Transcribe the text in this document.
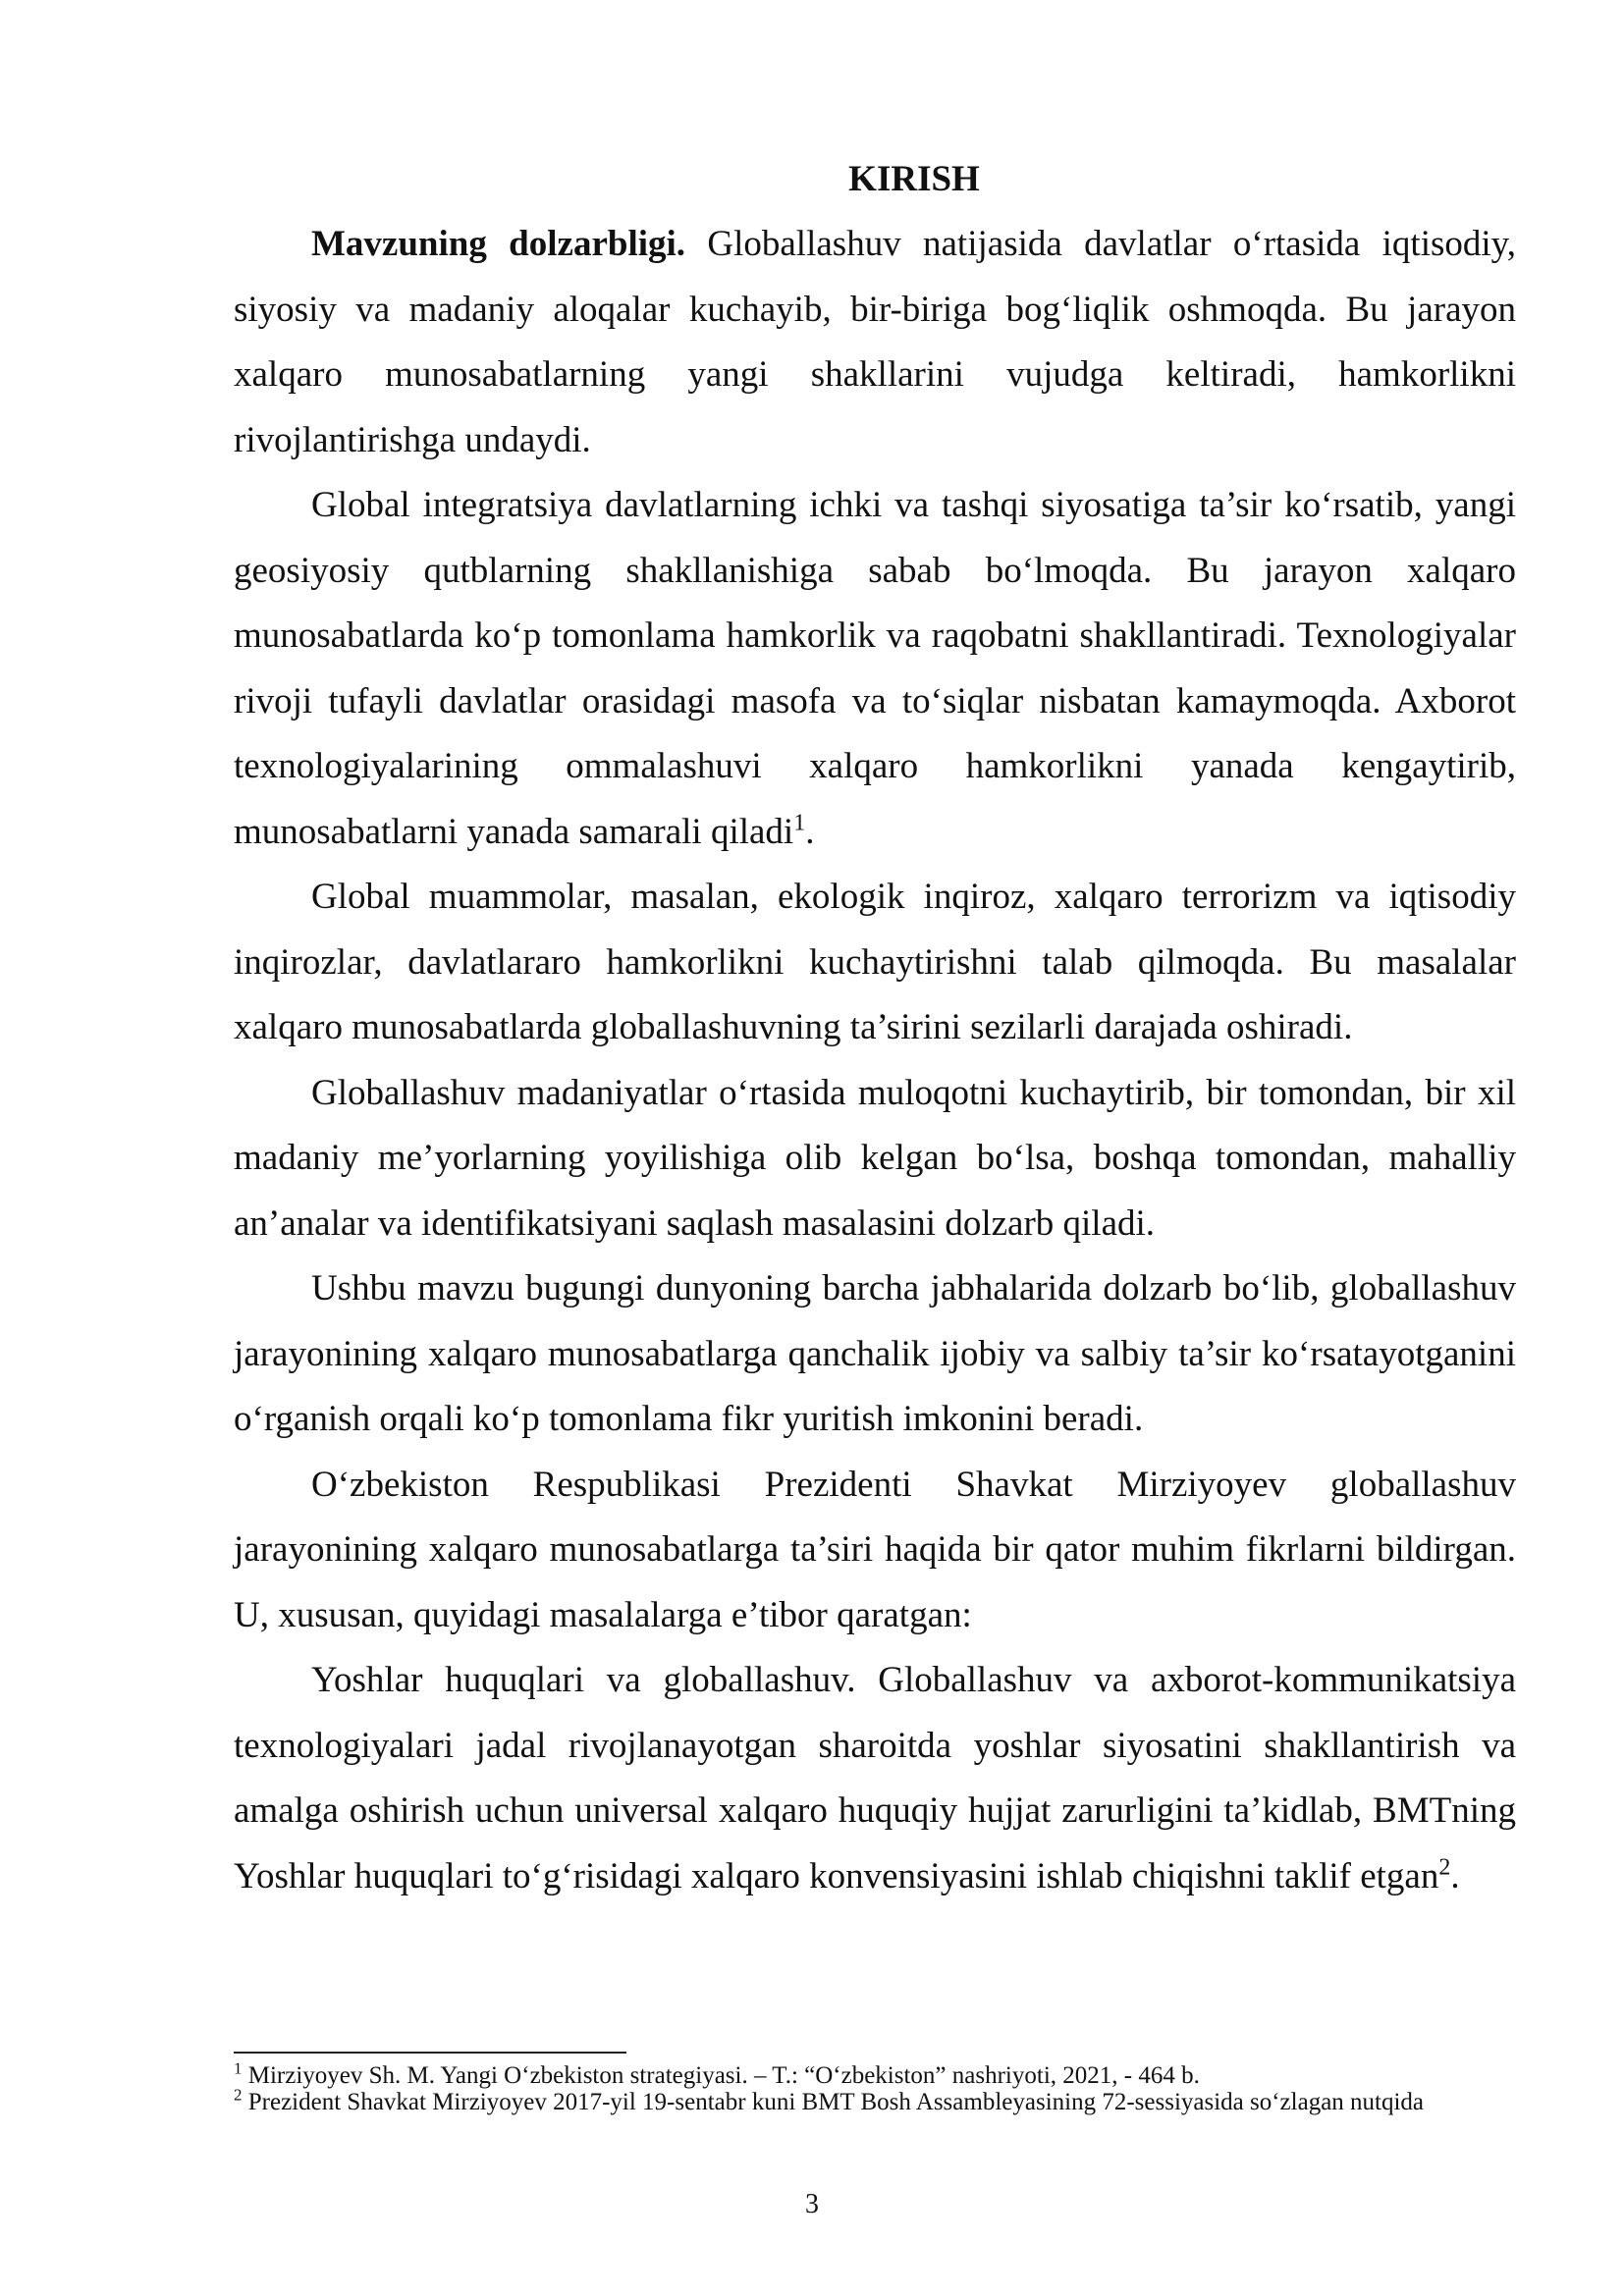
KIRISH

Mavzuning dolzarbligi. Globallashuv natijasida davlatlar o‘rtasida iqtisodiy, siyosiy va madaniy aloqalar kuchayib, bir-biriga bog‘liqlik oshmoqda. Bu jarayon xalqaro munosabatlarning yangi shakllarini vujudga keltiradi, hamkorlikni rivojlantirishga undaydi.

Global integratsiya davlatlarning ichki va tashqi siyosatiga ta’sir ko‘rsatib, yangi geosiyosiy qutblarning shakllanishiga sabab bo‘lmoqda. Bu jarayon xalqaro munosabatlarda ko‘p tomonlama hamkorlik va raqobatni shakllantiradi. Texnologiyalar rivoji tufayli davlatlar orasidagi masofa va to‘siqlar nisbatan kamaymoqda. Axborot texnologiyalarining ommalashuvi xalqaro hamkorlikni yanada kengaytirib, munosabatlarni yanada samarali qiladi$^1$.

Global muammolar, masalan, ekologik inqiroz, xalqaro terrorizm va iqtisodiy inqirozlar, davlatlararo hamkorlikni kuchaytirishni talab qilmoqda. Bu masalalar xalqaro munosabatlarda globallashuvning ta’sirini sezilarli darajada oshiradi.

Globallashuv madaniyatlar o‘rtasida muloqotni kuchaytirib, bir tomondan, bir xil madaniy me’yorlarning yoyilishiga olib kelgan bo‘lsa, boshqa tomondan, mahalliy an’analar va identifikatsiyani saqlash masalasini dolzarb qiladi.

Ushbu mavzu bugungi dunyoning barcha jabhalarida dolzarb bo‘lib, globallashuv jarayonining xalqaro munosabatlarga qanchalik ijobiy va salbiy ta’sir ko‘rsatayotganini o‘rganish orqali ko‘p tomonlama fikr yuritish imkonini beradi.

O‘zbekiston Respublikasi Prezidenti Shavkat Mirziyoyev globallashuv jarayonining xalqaro munosabatlarga ta’siri haqida bir qator muhim fikrlarni bildirgan. U, xususan, quyidagi masalalarga e’tibor qaratgan:

Yoshlar huquqlari va globallashuv. Globallashuv va axborot-kommunikatsiya texnologiyalari jadal rivojlanayotgan sharoitda yoshlar siyosatini shakllantirish va amalga oshirish uchun universal xalqaro huquqiy hujjat zarurligini ta’kidlab, BMTning Yoshlar huquqlari to‘g‘risidagi xalqaro konvensiyasini ishlab chiqishni taklif etgan$^2$.

$^1$ Mirziyoyev Sh. M. Yangi O‘zbekiston strategiyasi. – T.: “O‘zbekiston” nashriyoti, 2021, - 464 b.

$^2$ Prezident Shavkat Mirziyoyev 2017-yil 19-sentabr kuni BMT Bosh Assambleyasining 72-sessiyasida so‘zlagan nutqida

3
